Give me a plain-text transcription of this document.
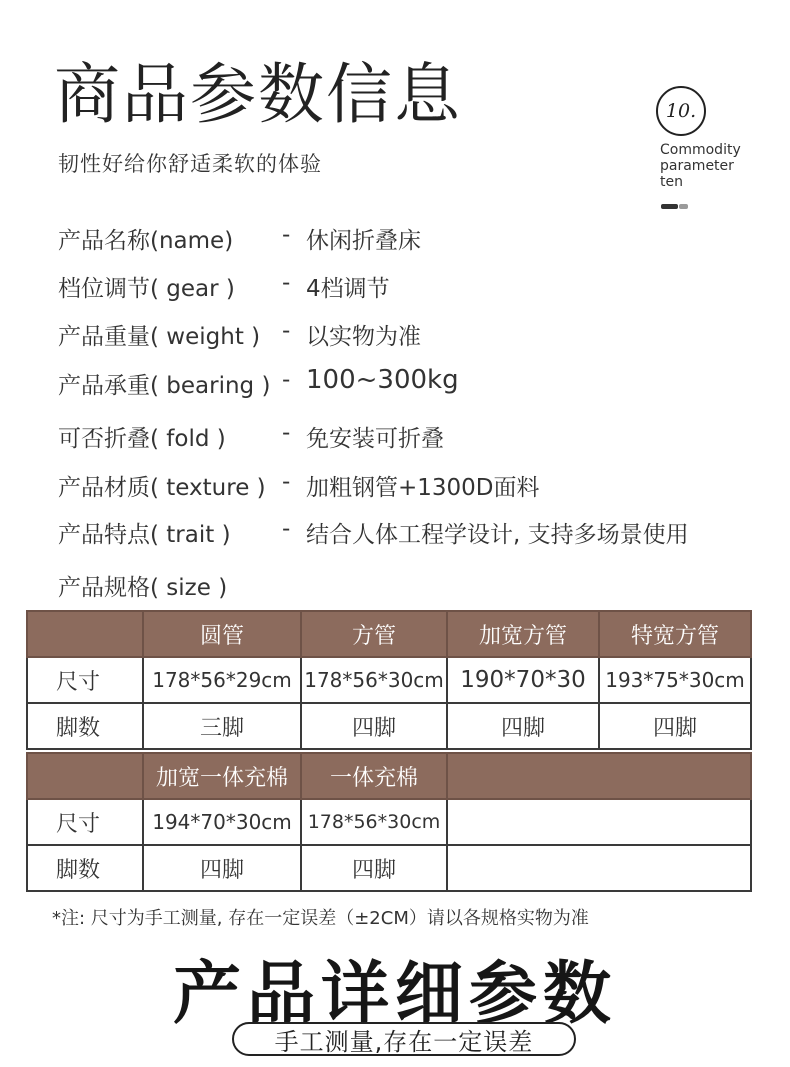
商品参数信息
韧性好给你舒适柔软的体验
10.
Commodity
parameter
ten
产品名称(name) - 休闲折叠床
档位调节( gear ) - 4档调节
产品重量( weight ) - 以实物为准
产品承重( bearing ) - 100~300kg
可否折叠( fold ) - 免安装可折叠
产品材质( texture ) - 加粗钢管+1300D面料
产品特点( trait ) - 结合人体工程学设计, 支持多场景使用
产品规格( size )
	圆管	方管	加宽方管	特宽方管
尺寸	178*56*29cm	178*56*30cm	190*70*30	193*75*30cm
脚数	三脚	四脚	四脚	四脚
	加宽一体充棉	一体充棉	
尺寸	194*70*30cm	178*56*30cm	
脚数	四脚	四脚	
*注: 尺寸为手工测量, 存在一定误差（±2CM）请以各规格实物为准
产品详细参数
手工测量,存在一定误差
